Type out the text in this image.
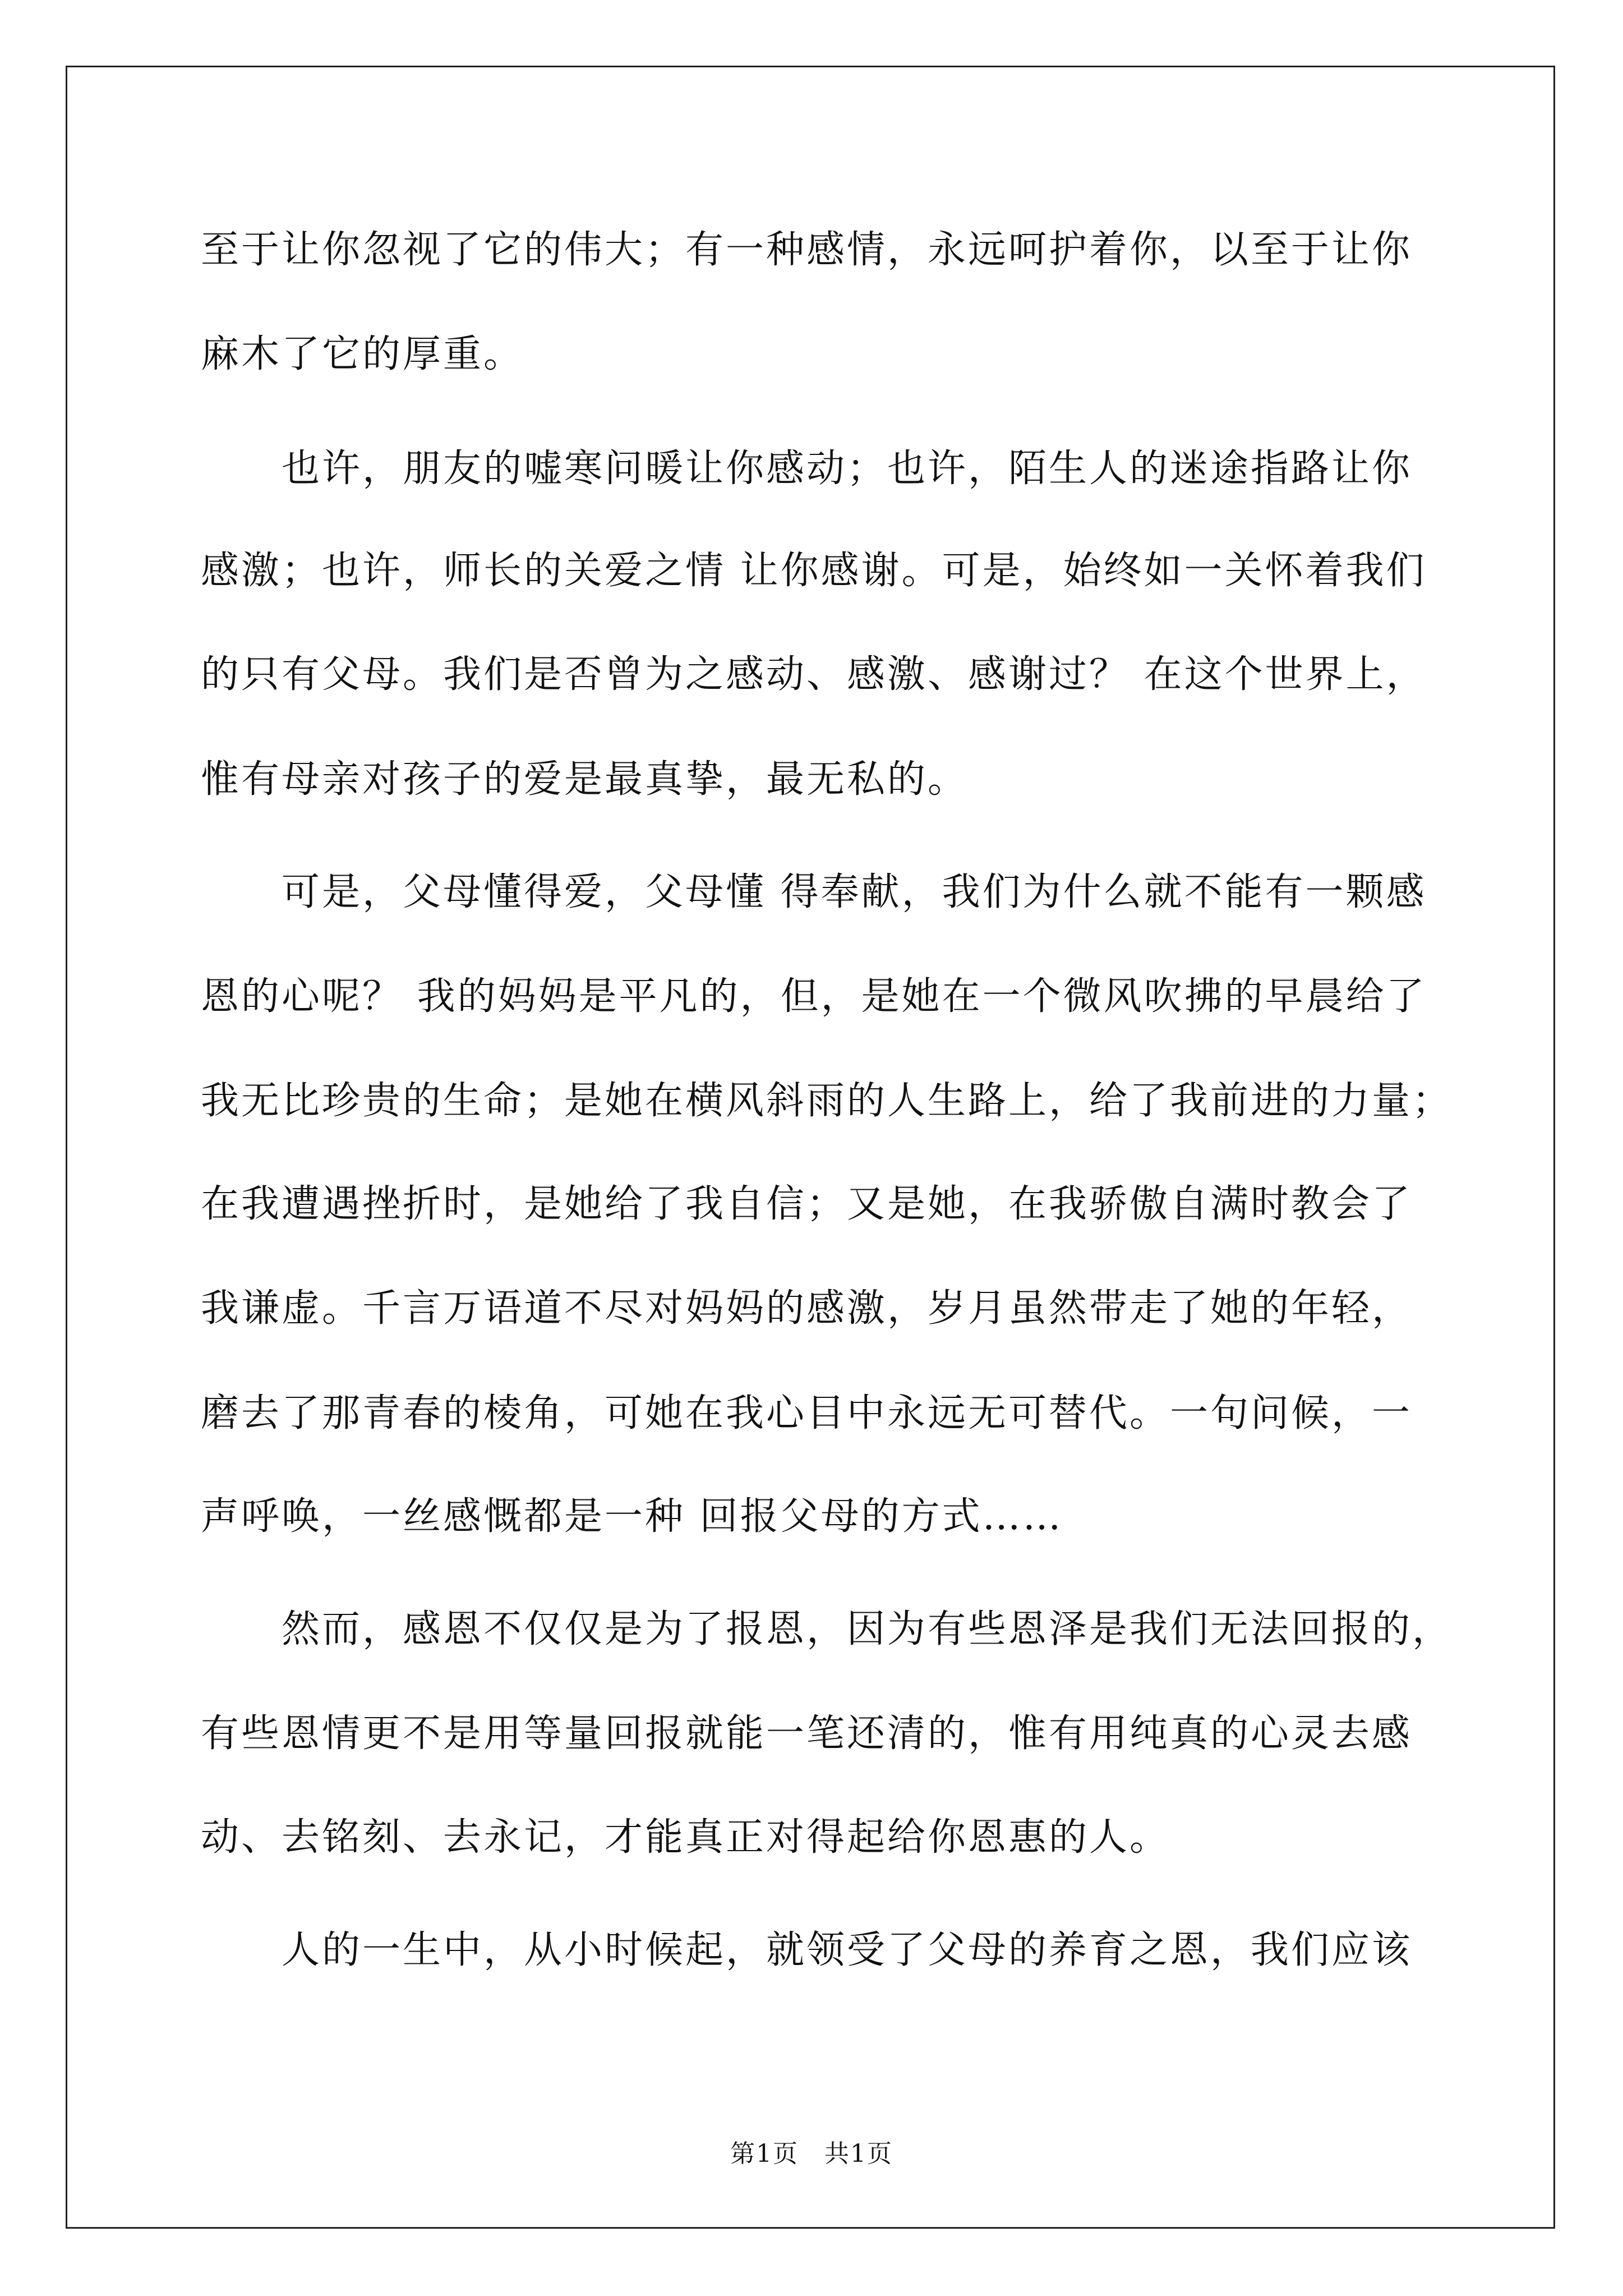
至于让你忽视了它的伟大；有一种感情，永远呵护着你，以至于让你
麻木了它的厚重。
　　也许，朋友的嘘寒问暖让你感动；也许，陌生人的迷途指路让你
感激；也许，师长的关爱之情 让你感谢。可是，始终如一关怀着我们
的只有父母。我们是否曾为之感动、感激、感谢过？ 在这个世界上，
惟有母亲对孩子的爱是最真挚，最无私的。
　　可是，父母懂得爱，父母懂 得奉献，我们为什么就不能有一颗感
恩的心呢？ 我的妈妈是平凡的，但，是她在一个微风吹拂的早晨给了
我无比珍贵的生命；是她在横风斜雨的人生路上，给了我前进的力量；
在我遭遇挫折时，是她给了我自信；又是她，在我骄傲自满时教会了
我谦虚。千言万语道不尽对妈妈的感激，岁月虽然带走了她的年轻，
磨去了那青春的棱角，可她在我心目中永远无可替代。一句问候，一
声呼唤，一丝感慨都是一种 回报父母的方式……
　　然而，感恩不仅仅是为了报恩，因为有些恩泽是我们无法回报的，
有些恩情更不是用等量回报就能一笔还清的，惟有用纯真的心灵去感
动、去铭刻、去永记，才能真正对得起给你恩惠的人。
　　人的一生中，从小时候起，就领受了父母的养育之恩，我们应该
第1页　共1页
